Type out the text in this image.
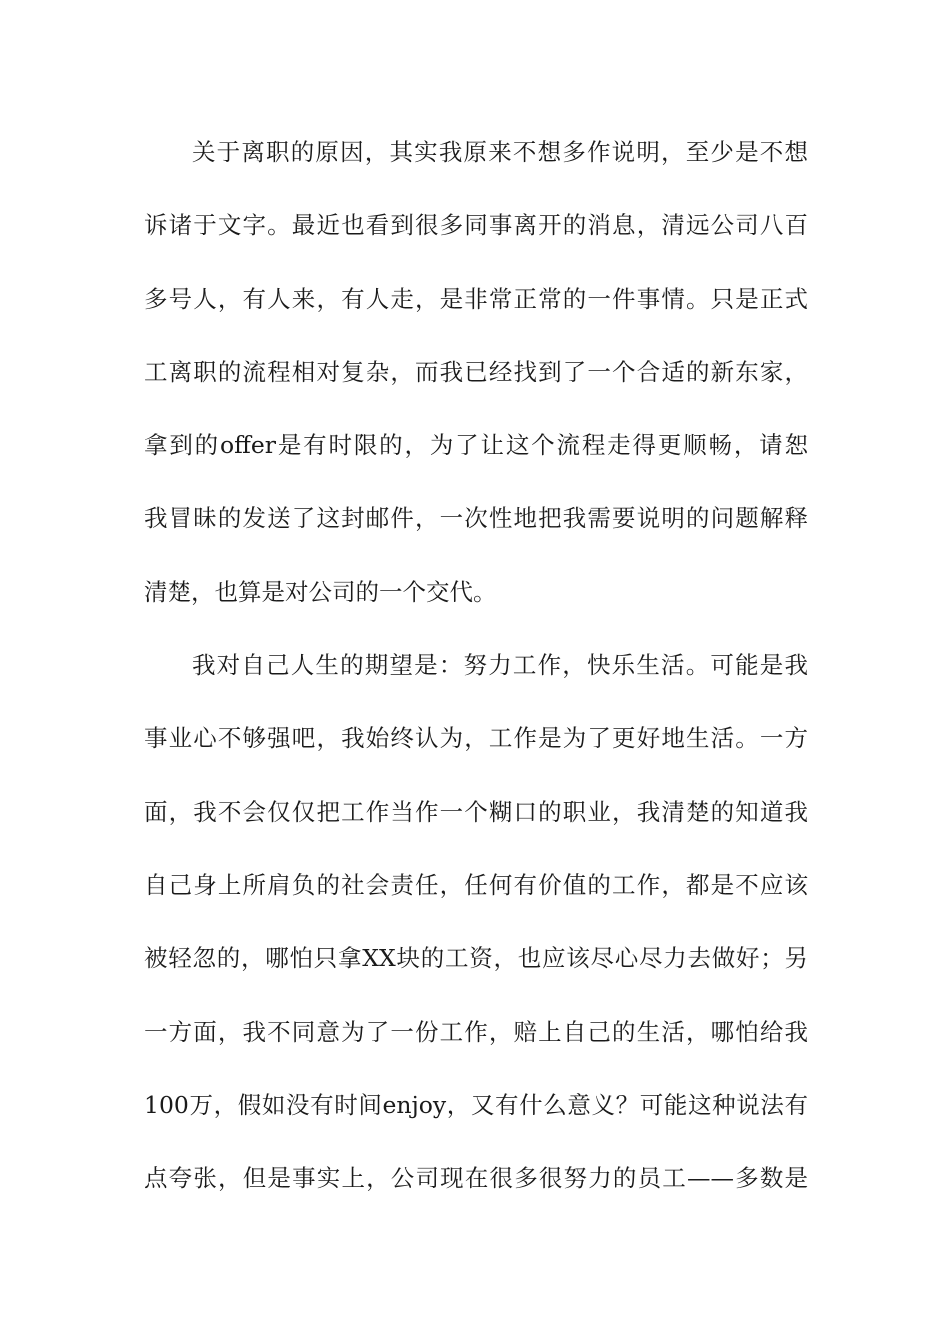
关于离职的原因，其实我原来不想多作说明，至少是不想
诉诸于文字。最近也看到很多同事离开的消息，清远公司八百
多号人，有人来，有人走，是非常正常的一件事情。只是正式
工离职的流程相对复杂，而我已经找到了一个合适的新东家，
拿到的offer是有时限的，为了让这个流程走得更顺畅，请恕
我冒昧的发送了这封邮件，一次性地把我需要说明的问题解释
清楚，也算是对公司的一个交代。
我对自己人生的期望是：努力工作，快乐生活。可能是我
事业心不够强吧，我始终认为，工作是为了更好地生活。一方
面，我不会仅仅把工作当作一个糊口的职业，我清楚的知道我
自己身上所肩负的社会责任，任何有价值的工作，都是不应该
被轻忽的，哪怕只拿XX块的工资，也应该尽心尽力去做好；另
一方面，我不同意为了一份工作，赔上自己的生活，哪怕给我
100万，假如没有时间enjoy，又有什么意义？可能这种说法有
点夸张，但是事实上，公司现在很多很努力的员工——多数是
